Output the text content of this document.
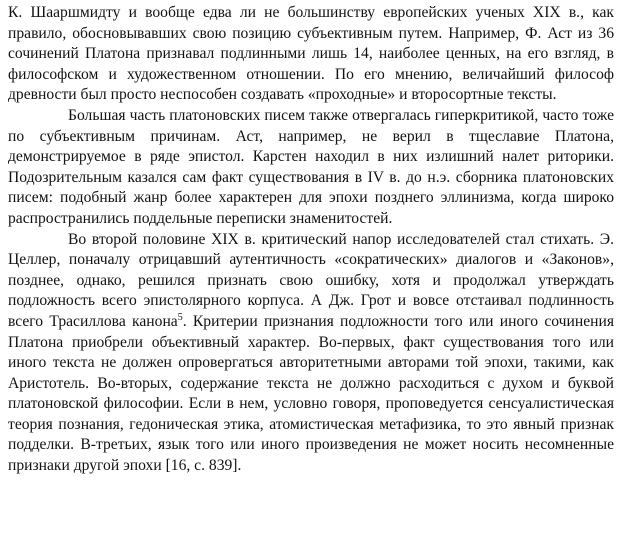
К. Шааршмидту и вообще едва ли не большинству европейских ученых XIX в., как правило, обосновывавших свою позицию субъективным путем. Например, Ф. Аст из 36 сочинений Платона признавал подлинными лишь 14, наиболее ценных, на его взгляд, в философском и художественном отношении. По его мнению, величайший философ древности был просто неспособен создавать «проходные» и второсортные тексты.

Большая часть платоновских писем также отвергалась гиперкритикой, часто тоже по субъективным причинам. Аст, например, не верил в тщеславие Платона, демонстрируемое в ряде эпистол. Карстен находил в них излишний налет риторики. Подозрительным казался сам факт существования в IV в. до н.э. сборника платоновских писем: подобный жанр более характерен для эпохи позднего эллинизма, когда широко распространились поддельные переписки знаменитостей.

Во второй половине XIX в. критический напор исследователей стал стихать. Э. Целлер, поначалу отрицавший аутентичность «сократических» диалогов и «Законов», позднее, однако, решился признать свою ошибку, хотя и продолжал утверждать подложность всего эпистолярного корпуса. А Дж. Грот и вовсе отстаивал подлинность всего Трасиллова канона$^5$. Критерии признания подложности того или иного сочинения Платона приобрели объективный характер. Во-первых, факт существования того или иного текста не должен опровергаться авторитетными авторами той эпохи, такими, как Аристотель. Во-вторых, содержание текста не должно расходиться с духом и буквой платоновской философии. Если в нем, условно говоря, проповедуется сенсуалистическая теория познания, гедоническая этика, атомистическая метафизика, то это явный признак подделки. В-третьих, язык того или иного произведения не может носить несомненные признаки другой эпохи [16, с. 839].
